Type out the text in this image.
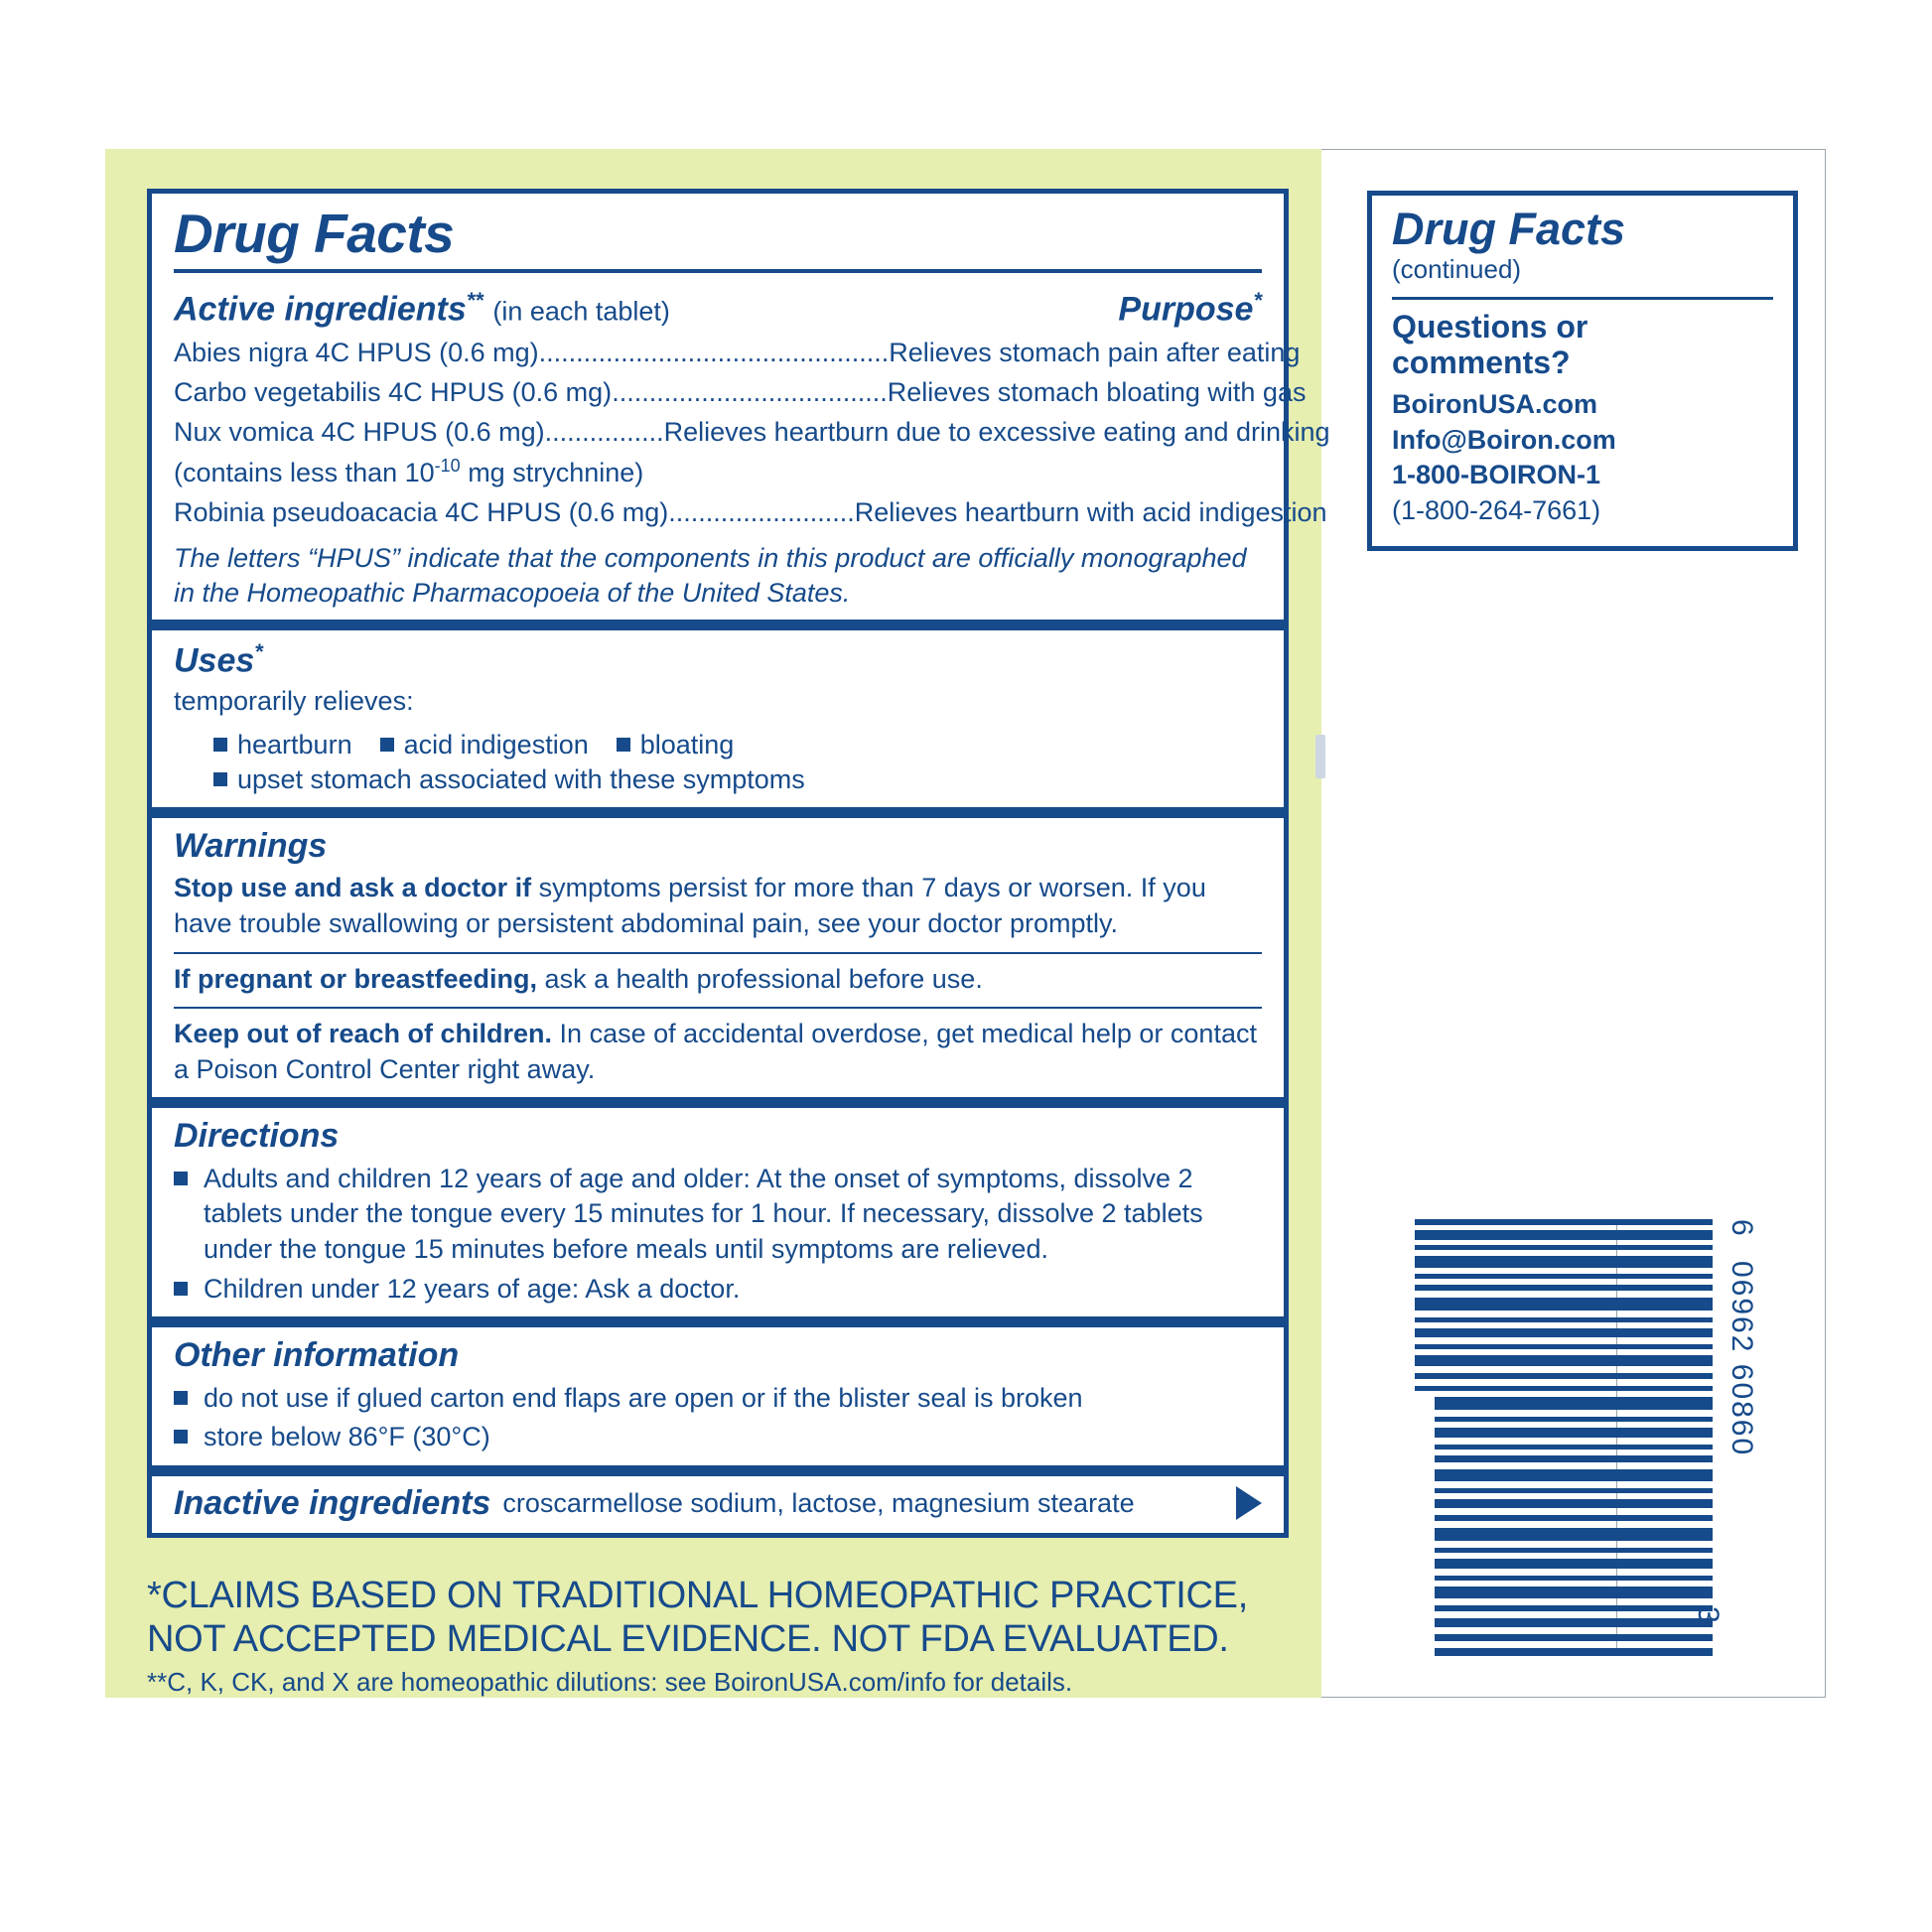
Drug Facts
Active ingredients** (in each tablet)	Purpose*
Abies nigra 4C HPUS (0.6 mg)...............................................Relieves stomach pain after eating
Carbo vegetabilis 4C HPUS (0.6 mg).....................................Relieves stomach bloating with gas
Nux vomica 4C HPUS (0.6 mg)................Relieves heartburn due to excessive eating and drinking
(contains less than $10^{-10}$ mg strychnine)
Robinia pseudoacacia 4C HPUS (0.6 mg).........................Relieves heartburn with acid indigestion
The letters “HPUS” indicate that the components in this product are officially monographed in the Homeopathic Pharmacopoeia of the United States.
Uses*
temporarily relieves:
heartburn acid indigestion bloatingupset stomach associated with these symptoms
Warnings
Stop use and ask a doctor if symptoms persist for more than 7 days or worsen. If you have trouble swallowing or persistent abdominal pain, see your doctor promptly.
If pregnant or breastfeeding, ask a health professional before use.
Keep out of reach of children. In case of accidental overdose, get medical help or contact a Poison Control Center right away.
Directions
Adults and children 12 years of age and older: At the onset of symptoms, dissolve 2 tablets under the tongue every 15 minutes for 1 hour. If necessary, dissolve 2 tablets under the tongue 15 minutes before meals until symptoms are relieved.
Children under 12 years of age: Ask a doctor.
Other information
do not use if glued carton end flaps are open or if the blister seal is broken
store below 86°F (30°C)
Inactive ingredients croscarmellose sodium, lactose, magnesium stearate
*CLAIMS BASED ON TRADITIONAL HOMEOPATHIC PRACTICE,
NOT ACCEPTED MEDICAL EVIDENCE. NOT FDA EVALUATED.
**C, K, CK, and X are homeopathic dilutions: see BoironUSA.com/info for details.
Drug Facts
(continued)
Questions or
comments?
BoironUSA.com
Info@Boiron.com
1-800-BOIRON-1
(1-800-264-7661)
6
06962 60860
3
